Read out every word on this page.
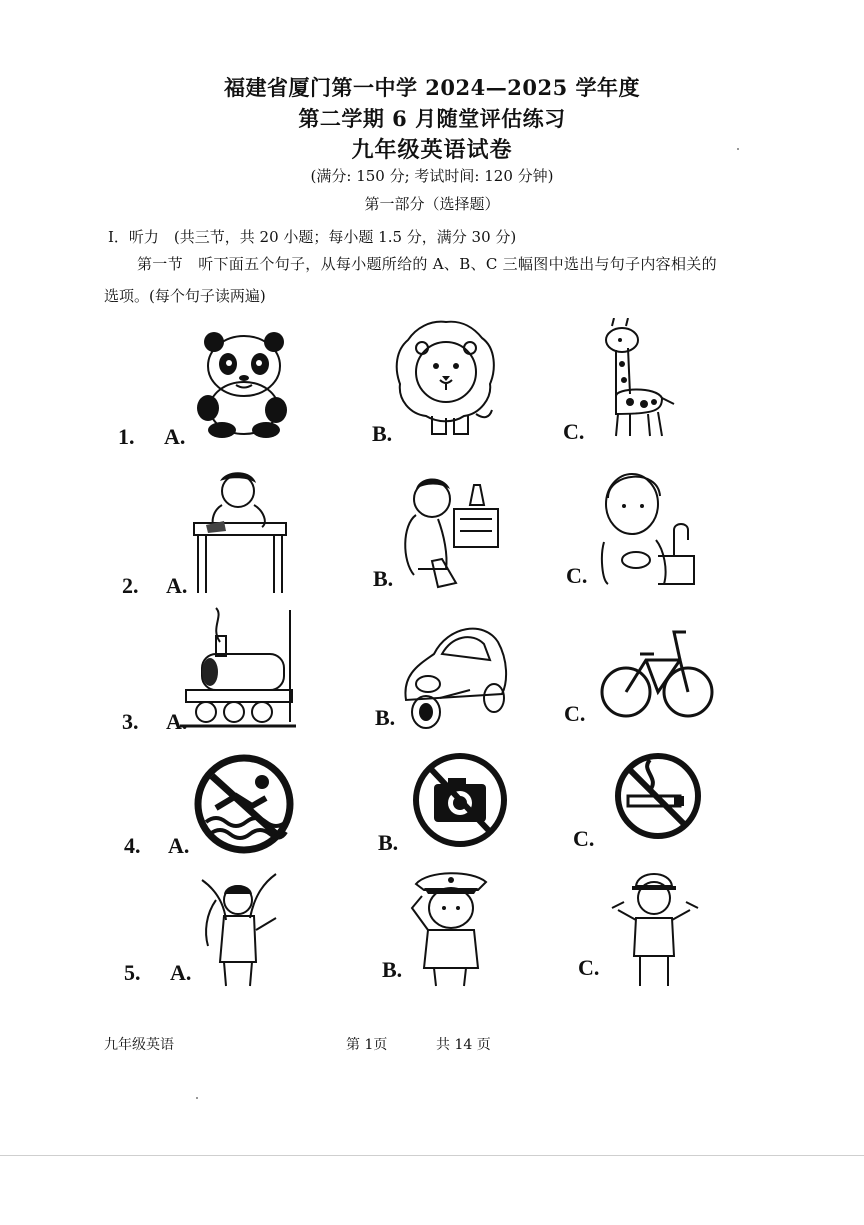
福建省厦门第一中学 2024—2025 学年度
第二学期 6 月随堂评估练习
九年级英语试卷
(满分: 150 分; 考试时间: 120 分钟)
第一部分（选择题）
I．听力　(共三节，共 20 小题；每小题 1.5 分，满分 30 分)
第一节　听下面五个句子，从每小题所给的 A、B、C 三幅图中选出与句子内容相关的
选项。(每个句子读两遍)
1. A.	B.	C.
2. A.	B.	C.
3. A.	B.	C.
4. A.	B.	C.
5. A.	B.	C.
九年级英语	第 1页	共 14 页
